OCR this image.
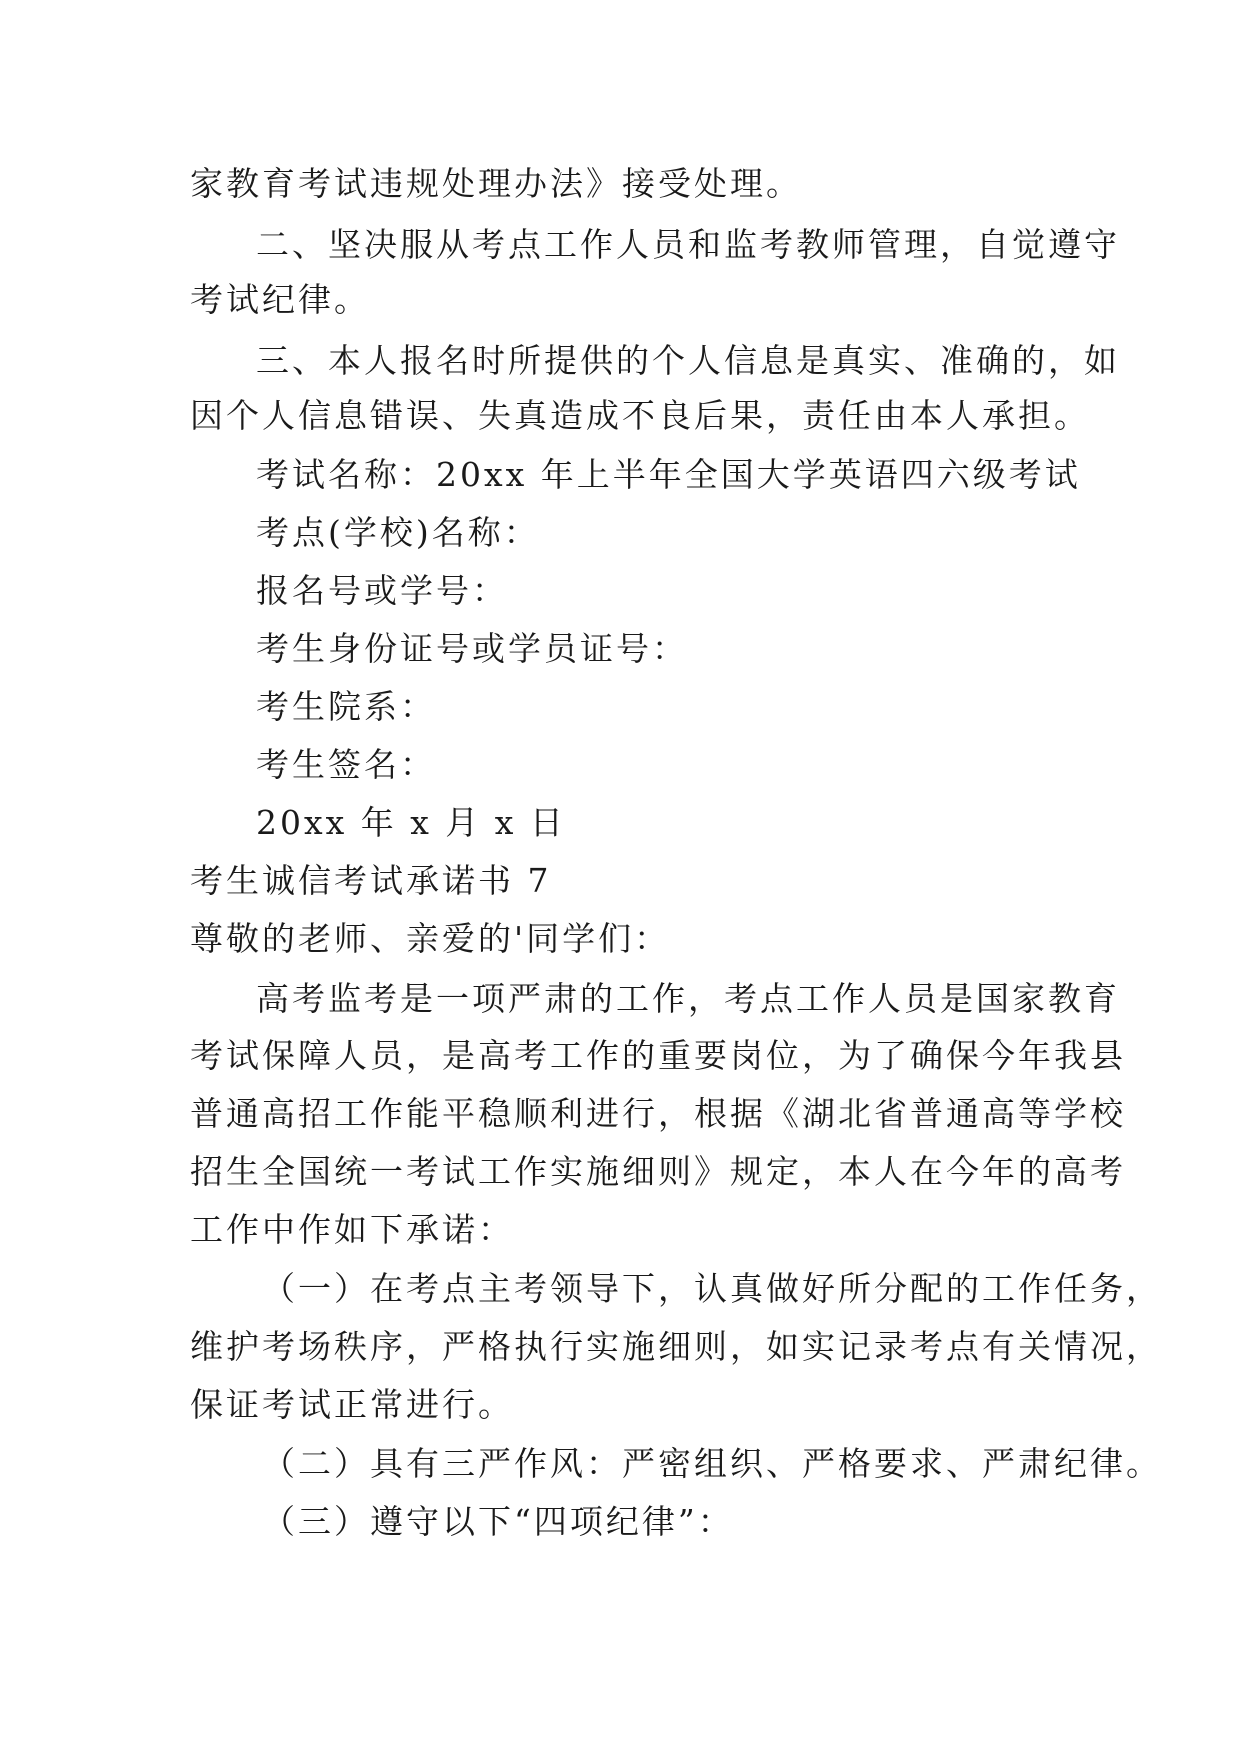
家教育考试违规处理办法》接受处理。
二、坚决服从考点工作人员和监考教师管理，自觉遵守
考试纪律。
三、本人报名时所提供的个人信息是真实、准确的，如
因个人信息错误、失真造成不良后果，责任由本人承担。
考试名称：20xx 年上半年全国大学英语四六级考试
考点(学校)名称：
报名号或学号：
考生身份证号或学员证号：
考生院系：
考生签名：
20xx 年 x 月 x 日
考生诚信考试承诺书 7
尊敬的老师、亲爱的'同学们：
高考监考是一项严肃的工作，考点工作人员是国家教育
考试保障人员，是高考工作的重要岗位，为了确保今年我县
普通高招工作能平稳顺利进行，根据《湖北省普通高等学校
招生全国统一考试工作实施细则》规定，本人在今年的高考
工作中作如下承诺：
（一）在考点主考领导下，认真做好所分配的工作任务，
维护考场秩序，严格执行实施细则，如实记录考点有关情况，
保证考试正常进行。
（二）具有三严作风：严密组织、严格要求、严肃纪律。
（三）遵守以下“四项纪律”：
